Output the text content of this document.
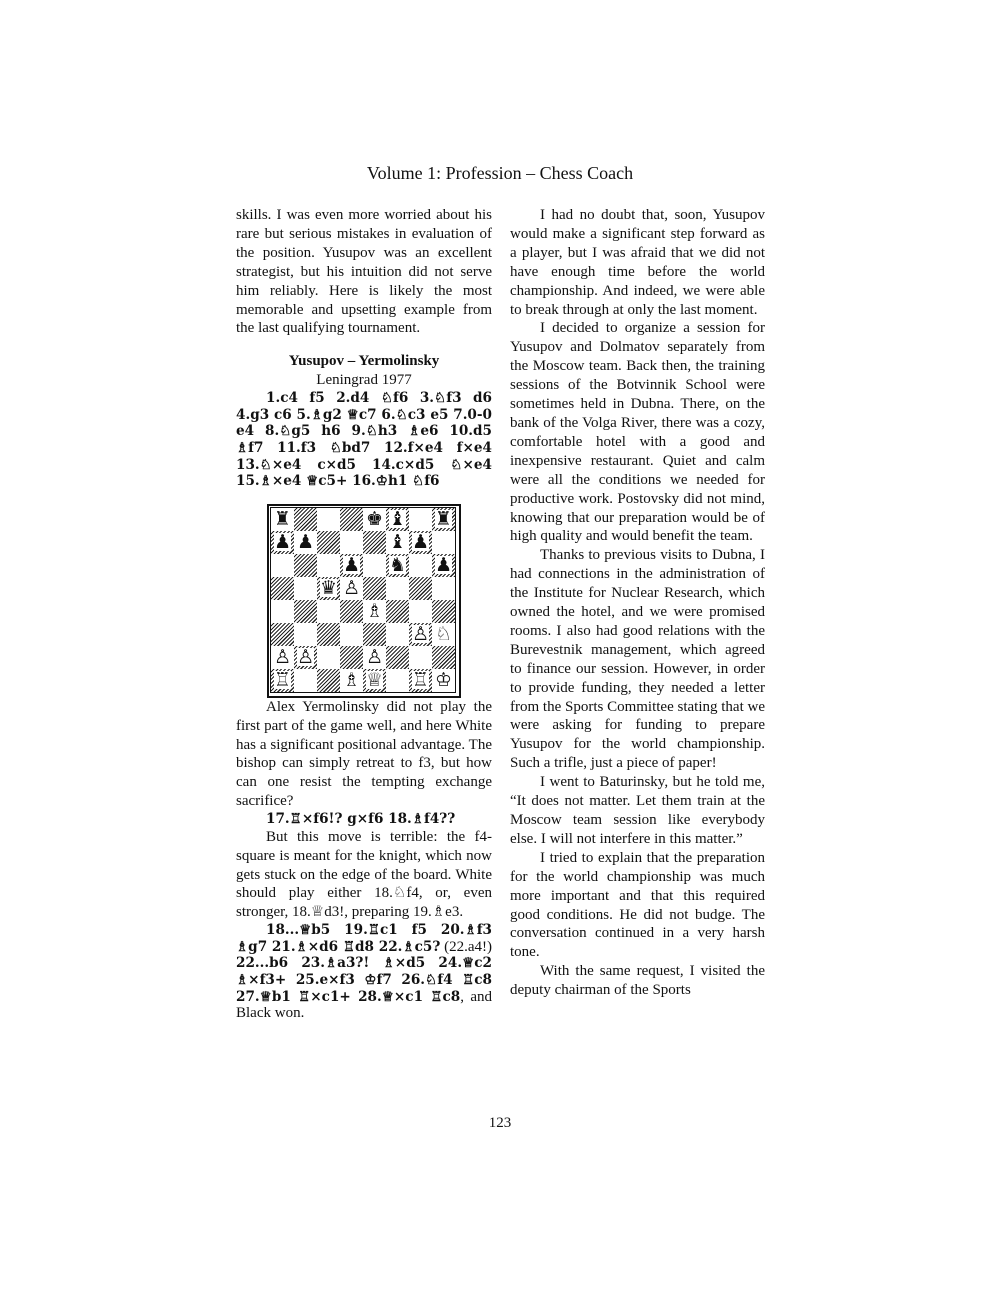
Volume 1: Profession – Chess Coach

skills. I was even more worried about his rare but serious mistakes in evaluation of the position. Yusupov was an excellent strategist, but his intuition did not serve him reliably. Here is likely the most memorable and upsetting example from the last qualifying tournament.

Yusupov – Yermolinsky
Leningrad 1977

1.c4 f5 2.d4 ♘f6 3.♘f3 d6 4.g3 c6 5.♗g2 ♕c7 6.♘c3 e5 7.0-0 e4 8.♘g5 h6 9.♘h3 ♗e6 10.d5 ♗f7 11.f3 ♘bd7 12.f×e4 f×e4 13.♘×e4 c×d5 14.c×d5 ♘×e4 15.♗×e4 ♕c5+ 16.♔h1 ♘f6

♜	♚ ♝ ♜
♟ ♟	♝ ♟
♟ ♞ ♟
♛ ♙
♗
♙ ♘
♙ ♙	♙
♖	♗ ♕ ♖ ♔

Alex Yermolinsky did not play the first part of the game well, and here White has a significant positional advantage. The bishop can simply retreat to f3, but how can one resist the tempting exchange sacrifice?

17.♖×f6!? g×f6 18.♗f4??

But this move is terrible: the f4-square is meant for the knight, which now gets stuck on the edge of the board. White should play either 18.♘f4, or, even stronger, 18.♕d3!, preparing 19.♗e3.

18...♕b5 19.♖c1 f5 20.♗f3 ♗g7 21.♗×d6 ♖d8 22.♗c5? (22.a4!) 22...b6 23.♗a3?! ♗×d5 24.♕c2 ♗×f3+ 25.e×f3 ♔f7 26.♘f4 ♖c8 27.♕b1 ♖×c1+ 28.♕×c1 ♖c8, and Black won.

I had no doubt that, soon, Yusupov would make a significant step forward as a player, but I was afraid that we did not have enough time before the world championship. And indeed, we were able to break through at only the last moment.

I decided to organize a session for Yusupov and Dolmatov separately from the Moscow team. Back then, the training sessions of the Botvinnik School were sometimes held in Dubna. There, on the bank of the Volga River, there was a cozy, comfortable hotel with a good and inexpensive restaurant. Quiet and calm were all the conditions we needed for productive work. Postovsky did not mind, knowing that our preparation would be of high quality and would benefit the team.

Thanks to previous visits to Dubna, I had connections in the administration of the Institute for Nuclear Research, which owned the hotel, and we were promised rooms. I also had good relations with the Burevestnik management, which agreed to finance our session. However, in order to provide funding, they needed a letter from the Sports Committee stating that we were asking for funding to prepare Yusupov for the world championship. Such a trifle, just a piece of paper!

I went to Baturinsky, but he told me, “It does not matter. Let them train at the Moscow team session like everybody else. I will not interfere in this matter.”

I tried to explain that the preparation for the world championship was much more important and that this required good conditions. He did not budge. The conversation continued in a very harsh tone.

With the same request, I visited the deputy chairman of the Sports

123
